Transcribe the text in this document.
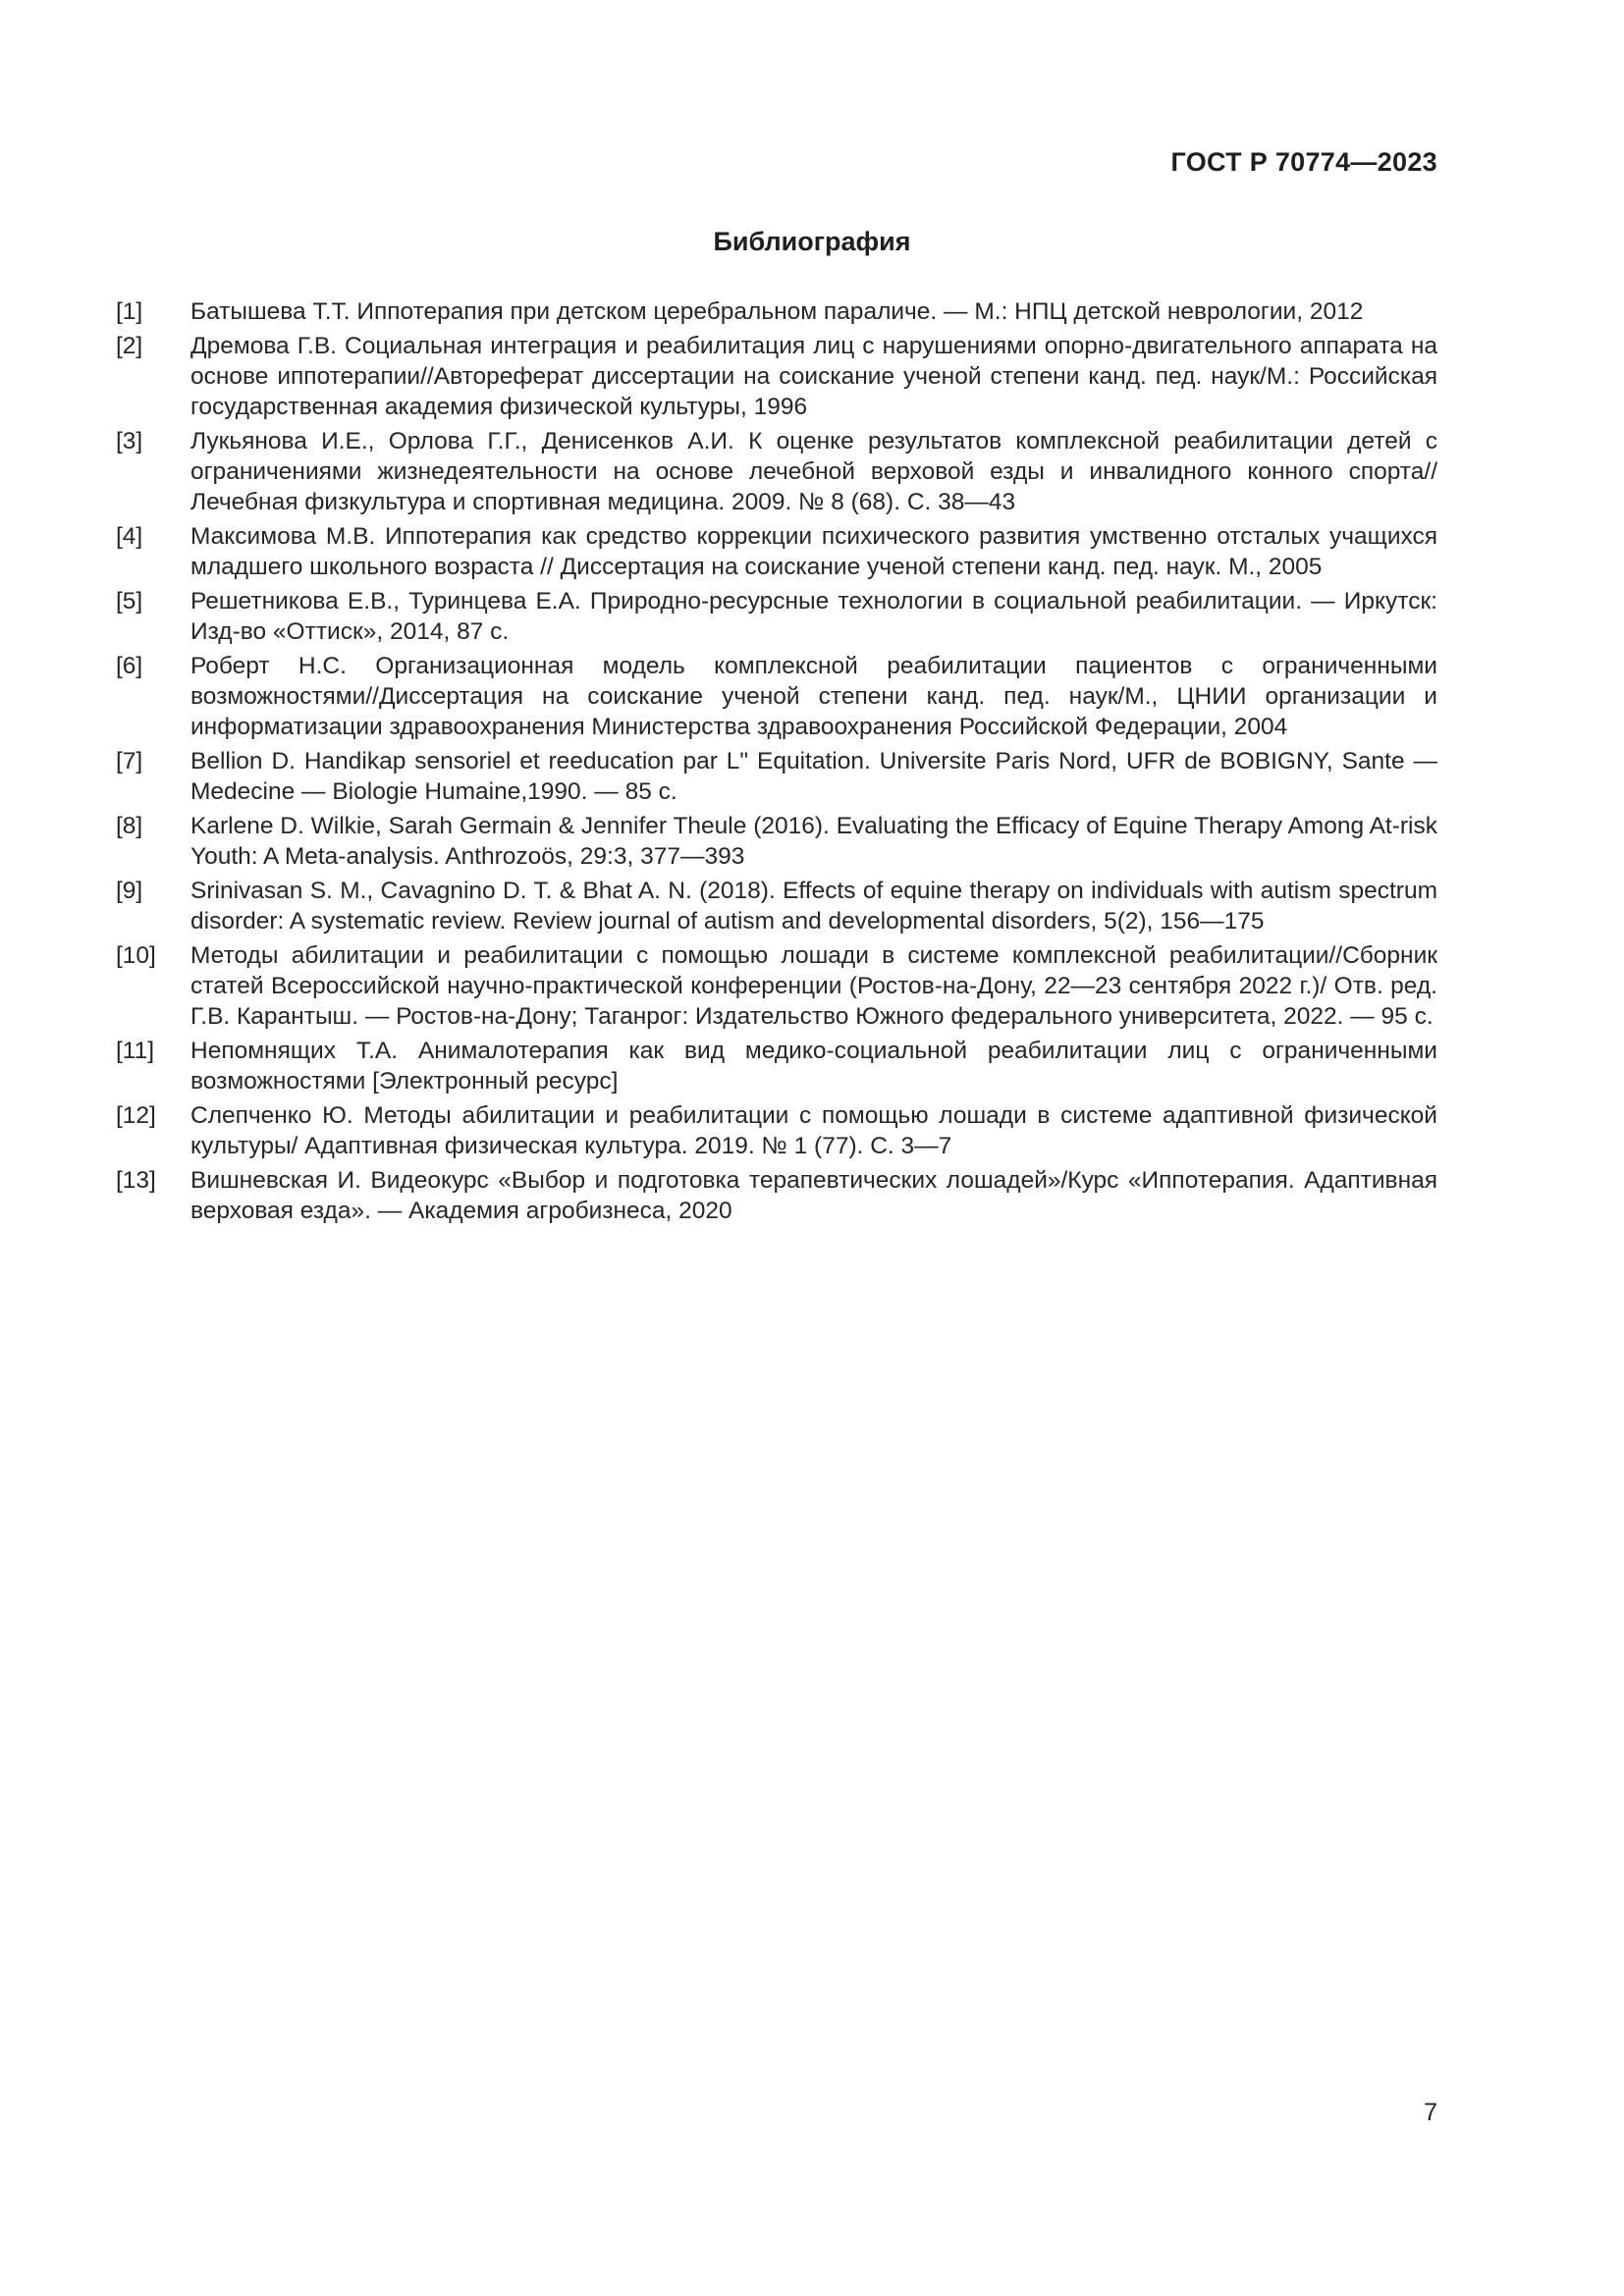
ГОСТ Р 70774—2023
Библиография
[1]	Батышева Т.Т. Иппотерапия при детском церебральном параличе. — М.: НПЦ детской неврологии, 2012
[2]	Дремова Г.В. Социальная интеграция и реабилитация лиц с нарушениями опорно-двигательного аппарата на основе иппотерапии//Автореферат диссертации на соискание ученой степени канд. пед. наук/М.: Российская государственная академия физической культуры, 1996
[3]	Лукьянова И.Е., Орлова Г.Г., Денисенков А.И. К оценке результатов комплексной реабилитации детей с ограничениями жизнедеятельности на основе лечебной верховой езды и инвалидного конного спорта//Лечебная физкультура и спортивная медицина. 2009. № 8 (68). С. 38—43
[4]	Максимова М.В. Иппотерапия как средство коррекции психического развития умственно отсталых учащихся младшего школьного возраста // Диссертация на соискание ученой степени канд. пед. наук. М., 2005
[5]	Решетникова Е.В., Туринцева Е.А. Природно-ресурсные технологии в социальной реабилитации. — Иркутск: Изд-во «Оттиск», 2014, 87 с.
[6]	Роберт Н.С. Организационная модель комплексной реабилитации пациентов с ограниченными возможностями//Диссертация на соискание ученой степени канд. пед. наук/М., ЦНИИ организации и информатизации здравоохранения Министерства здравоохранения Российской Федерации, 2004
[7]	Bellion D. Handikap sensoriel et reeducation par L" Equitation. Universite Paris Nord, UFR de BOBIGNY, Sante — Medecine — Biologie Humaine,1990. — 85 c.
[8]	Karlene D. Wilkie, Sarah Germain & Jennifer Theule (2016). Evaluating the Efficacy of Equine Therapy Among At-risk Youth: A Meta-analysis. Anthrozoös, 29:3, 377—393
[9]	Srinivasan S. M., Cavagnino D. T. & Bhat A. N. (2018). Effects of equine therapy on individuals with autism spectrum disorder: A systematic review. Review journal of autism and developmental disorders, 5(2), 156—175
[10]	Методы абилитации и реабилитации с помощью лошади в системе комплексной реабилитации//Сборник статей Всероссийской научно-практической конференции (Ростов-на-Дону, 22—23 сентября 2022 г.)/ Отв. ред. Г.В. Карантыш. — Ростов-на-Дону; Таганрог: Издательство Южного федерального университета, 2022. — 95 с.
[11]	Непомнящих Т.А. Анималотерапия как вид медико-социальной реабилитации лиц с ограниченными возможностями [Электронный ресурс]
[12]	Слепченко Ю. Методы абилитации и реабилитации с помощью лошади в системе адаптивной физической культуры/ Адаптивная физическая культура. 2019. № 1 (77). С. 3—7
[13]	Вишневская И. Видеокурс «Выбор и подготовка терапевтических лошадей»/Курс «Иппотерапия. Адаптивная верховая езда». — Академия агробизнеса, 2020
7
